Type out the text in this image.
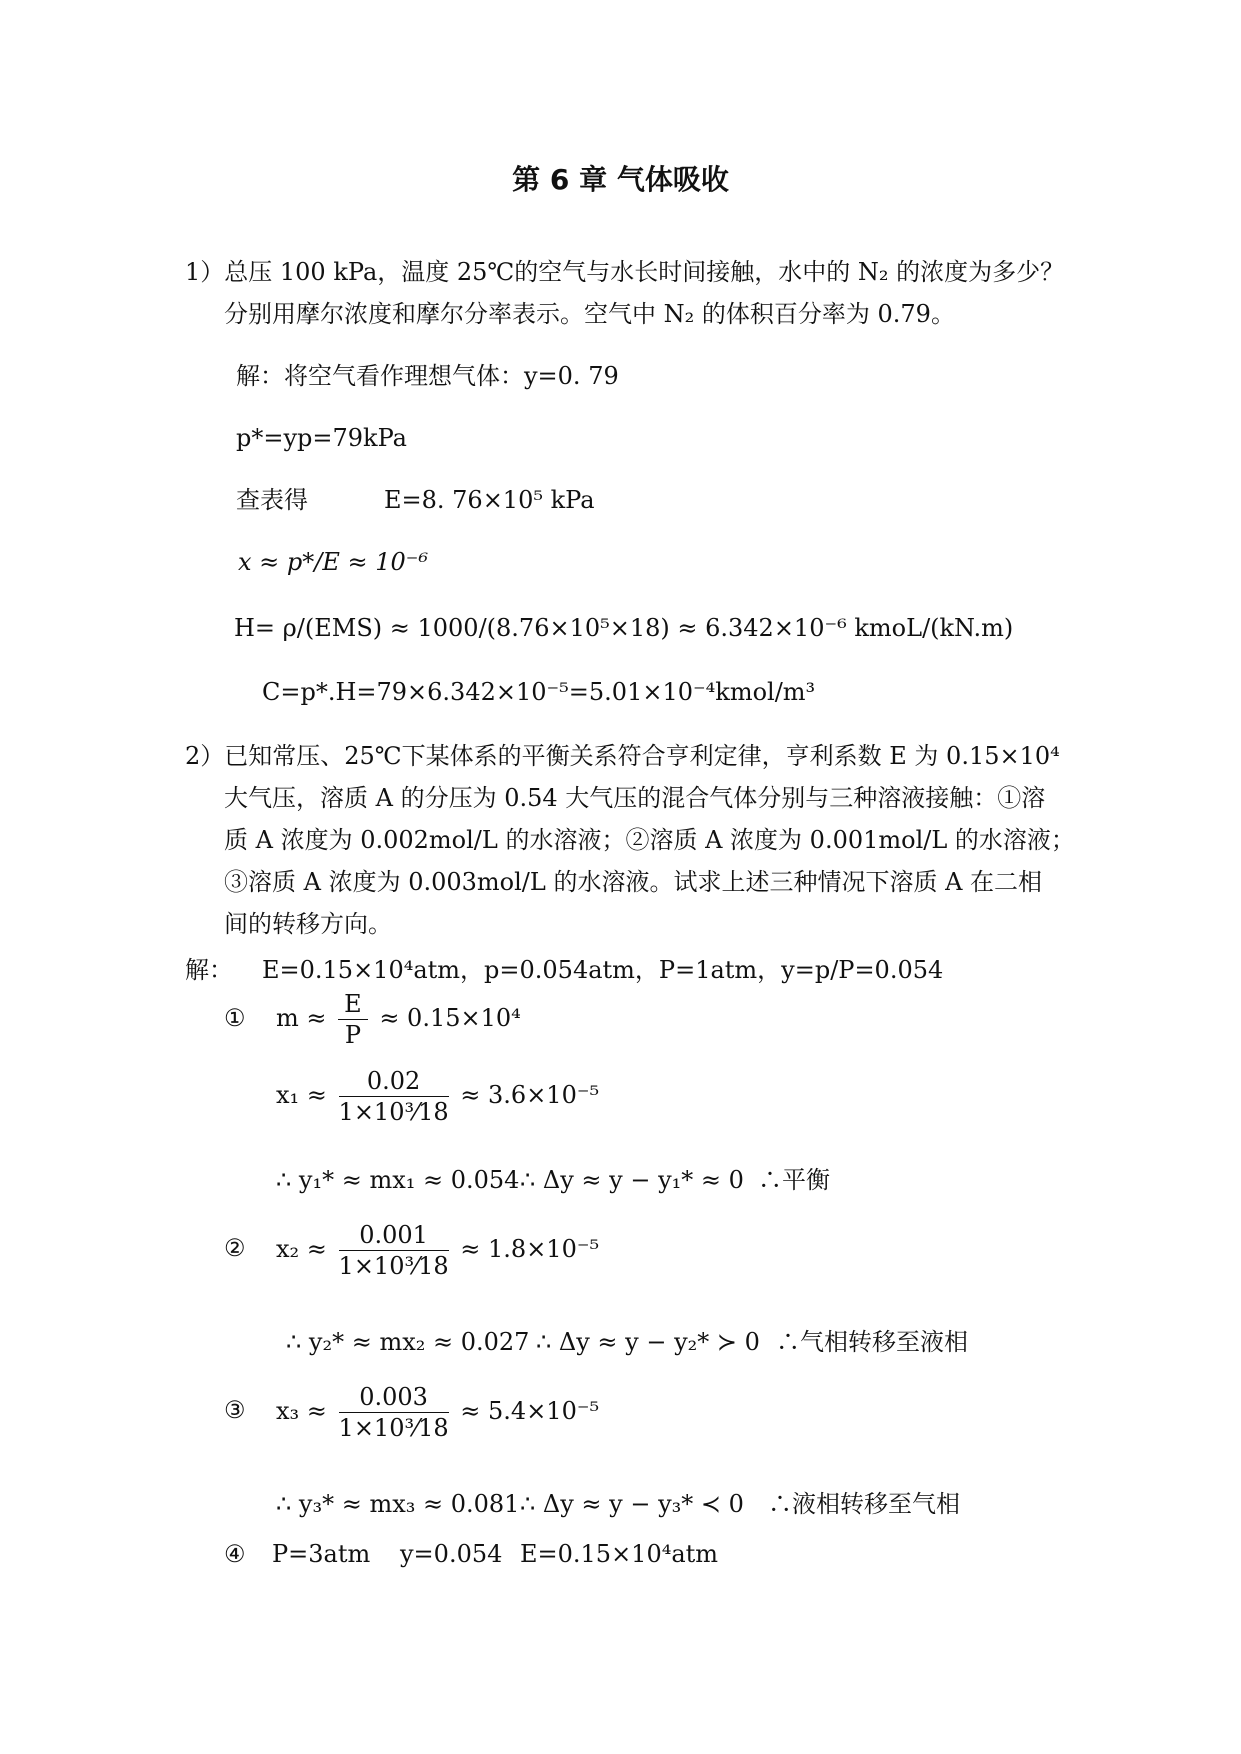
第 6 章 气体吸收
1）总压 100 kPa，温度 25℃的空气与水长时间接触，水中的 N₂ 的浓度为多少？
分别用摩尔浓度和摩尔分率表示。空气中 N₂ 的体积百分率为 0.79。
解：将空气看作理想气体：y=0. 79
p*=yp=79kPa
查表得	E=8. 76×10⁵ kPa
x ≈ p*/E ≈ 10⁻⁶
H= ρ/(EMS) ≈ 1000/(8.76×10⁵×18) ≈ 6.342×10⁻⁶ kmoL/(kN.m)
C=p*.H=79×6.342×10⁻⁵=5.01×10⁻⁴kmol/m³
2）已知常压、25℃下某体系的平衡关系符合亨利定律，亨利系数 E 为 0.15×10⁴
大气压，溶质 A 的分压为 0.54 大气压的混合气体分别与三种溶液接触：①溶
质 A 浓度为 0.002mol/L 的水溶液；②溶质 A 浓度为 0.001mol/L 的水溶液；
③溶质 A 浓度为 0.003mol/L 的水溶液。试求上述三种情况下溶质 A 在二相
间的转移方向。
解： E=0.15×10⁴atm，p=0.054atm，P=1atm，y=p/P=0.054
① $m \approx \frac{E}{P} \approx 0.15\times 10^4$
$x_1 \approx \frac{0.02}{\text{1×10³⁄18}} \approx 3.6\times 10^{-5}$
∴ y₁* ≈ mx₁ ≈ 0.054 ∴ Δy ≈ y − y₁* ≈ 0 ∴平衡
② $x_2 \approx \frac{0.001}{\text{1×10³⁄18}} \approx 1.8\times 10^{-5}$
∴ y₂* ≈ mx₂ ≈ 0.027 ∴ Δy ≈ y − y₂* ≻ 0 ∴气相转移至液相
③ $x_3 \approx \frac{0.003}{\text{1×10³⁄18}} \approx 5.4\times 10^{-5}$
∴ y₃* ≈ mx₃ ≈ 0.081 ∴ Δy ≈ y − y₃* ≺ 0 ∴液相转移至气相
④ P=3atm y=0.054 E=0.15×10⁴atm
